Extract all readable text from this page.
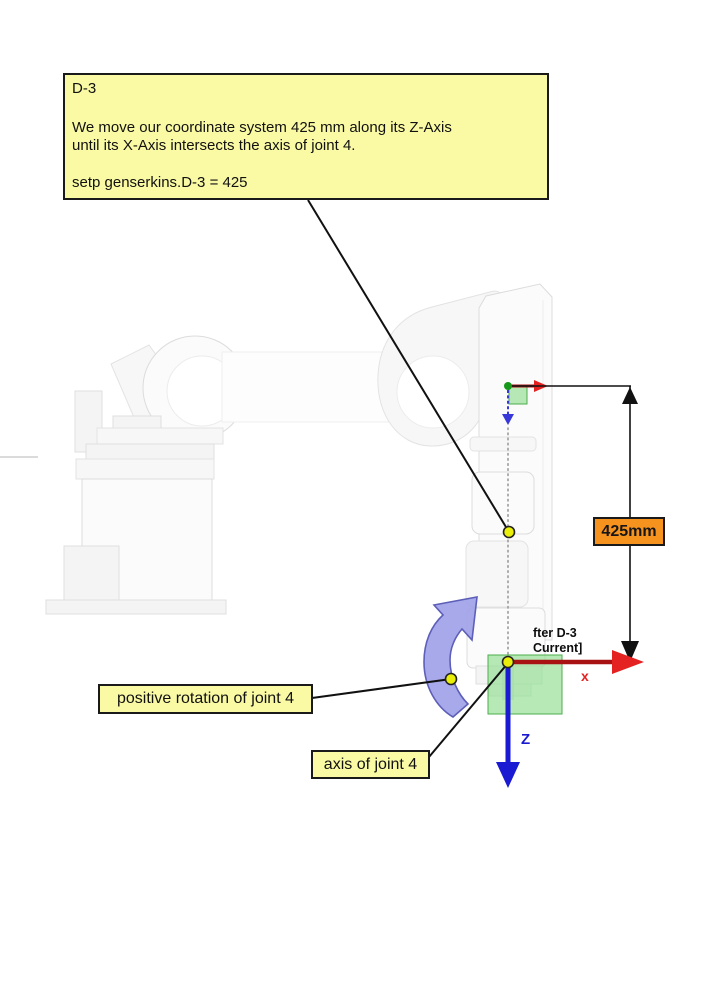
D-3
We move our coordinate system 425 mm along its Z-Axis
until its X-Axis intersects the axis of joint 4.
setp genserkins.D-3 = 425
positive rotation of joint 4
axis of joint 4
425mm
fter D-3
Current]
x
Z
